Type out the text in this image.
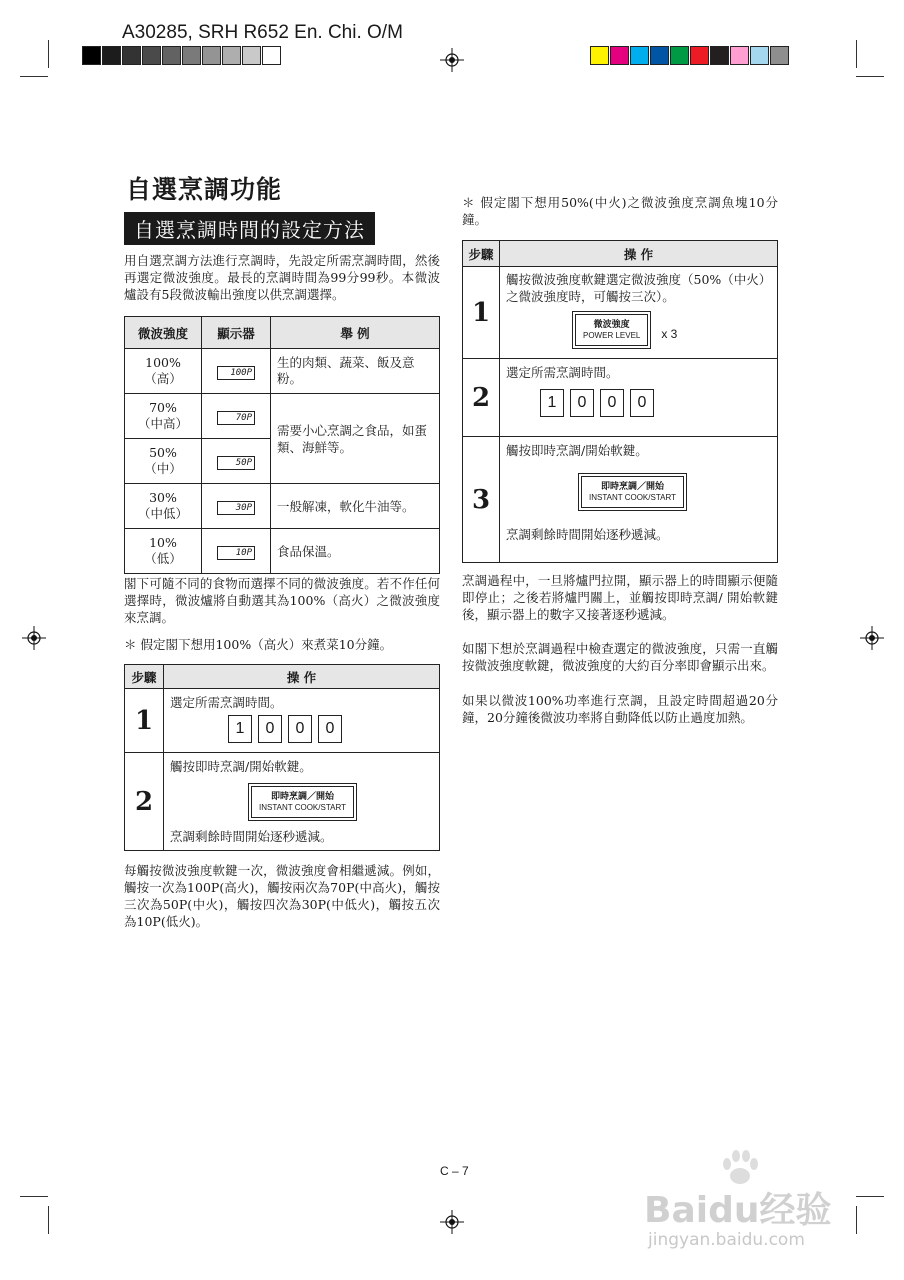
A30285, SRH R652 En. Chi. O/M
自選烹調功能
自選烹調時間的設定方法
用自選烹調方法進行烹調時，先設定所需烹調時間，然後再選定微波強度。最長的烹調時間為99分99秒。本微波爐設有5段微波輸出強度以供烹調選擇。
微波強度	顯示器	舉 例

100%
（高）	100P	生的肉類、蔬菜、飯及意粉。

70%
（中高）	70P	需要小心烹調之食品，如蛋類、海鮮等。

50%
（中）	50P	

30%
（中低）	30P	一般解凍，軟化牛油等。

10%
（低）	10P	食品保溫。
閣下可隨不同的食物而選擇不同的微波強度。若不作任何選擇時，微波爐將自動選其為100%（高火）之微波強度來烹調。
＊ 假定閣下想用100%（高火）來煮菜10分鐘。
步驟	操 作
1	選定所需烹調時間。
1 0 0 0

2	觸按即時烹調/開始軟鍵。
即時烹調／開始
INSTANT COOK/START
烹調剩餘時間開始逐秒遞減。
每觸按微波強度軟鍵一次，微波強度會相繼遞減。例如，觸按一次為100P(高火)，觸按兩次為70P(中高火)，觸按三次為50P(中火)，觸按四次為30P(中低火)，觸按五次為10P(低火)。
＊ 假定閣下想用50%(中火)之微波強度烹調魚塊10分鐘。
步驟	操 作
1	觸按微波強度軟鍵選定微波強度（50%（中火）之微波強度時，可觸按三次）。
微波強度
POWER LEVEL x 3

2	選定所需烹調時間。
1 0 0 0

3	觸按即時烹調/開始軟鍵。
即時烹調／開始
INSTANT COOK/START
烹調剩餘時間開始逐秒遞減。
烹調過程中，一旦將爐門拉開，顯示器上的時間顯示便隨即停止；之後若將爐門關上，並觸按即時烹調/ 開始軟鍵後，顯示器上的數字又接著逐秒遞減。
如閣下想於烹調過程中檢查選定的微波強度，只需一直觸按微波強度軟鍵，微波強度的大約百分率即會顯示出來。
如果以微波100%功率進行烹調，且設定時間超過20分鐘，20分鐘後微波功率將自動降低以防止過度加熱。
C – 7
Baidu经验
jingyan.baidu.com
